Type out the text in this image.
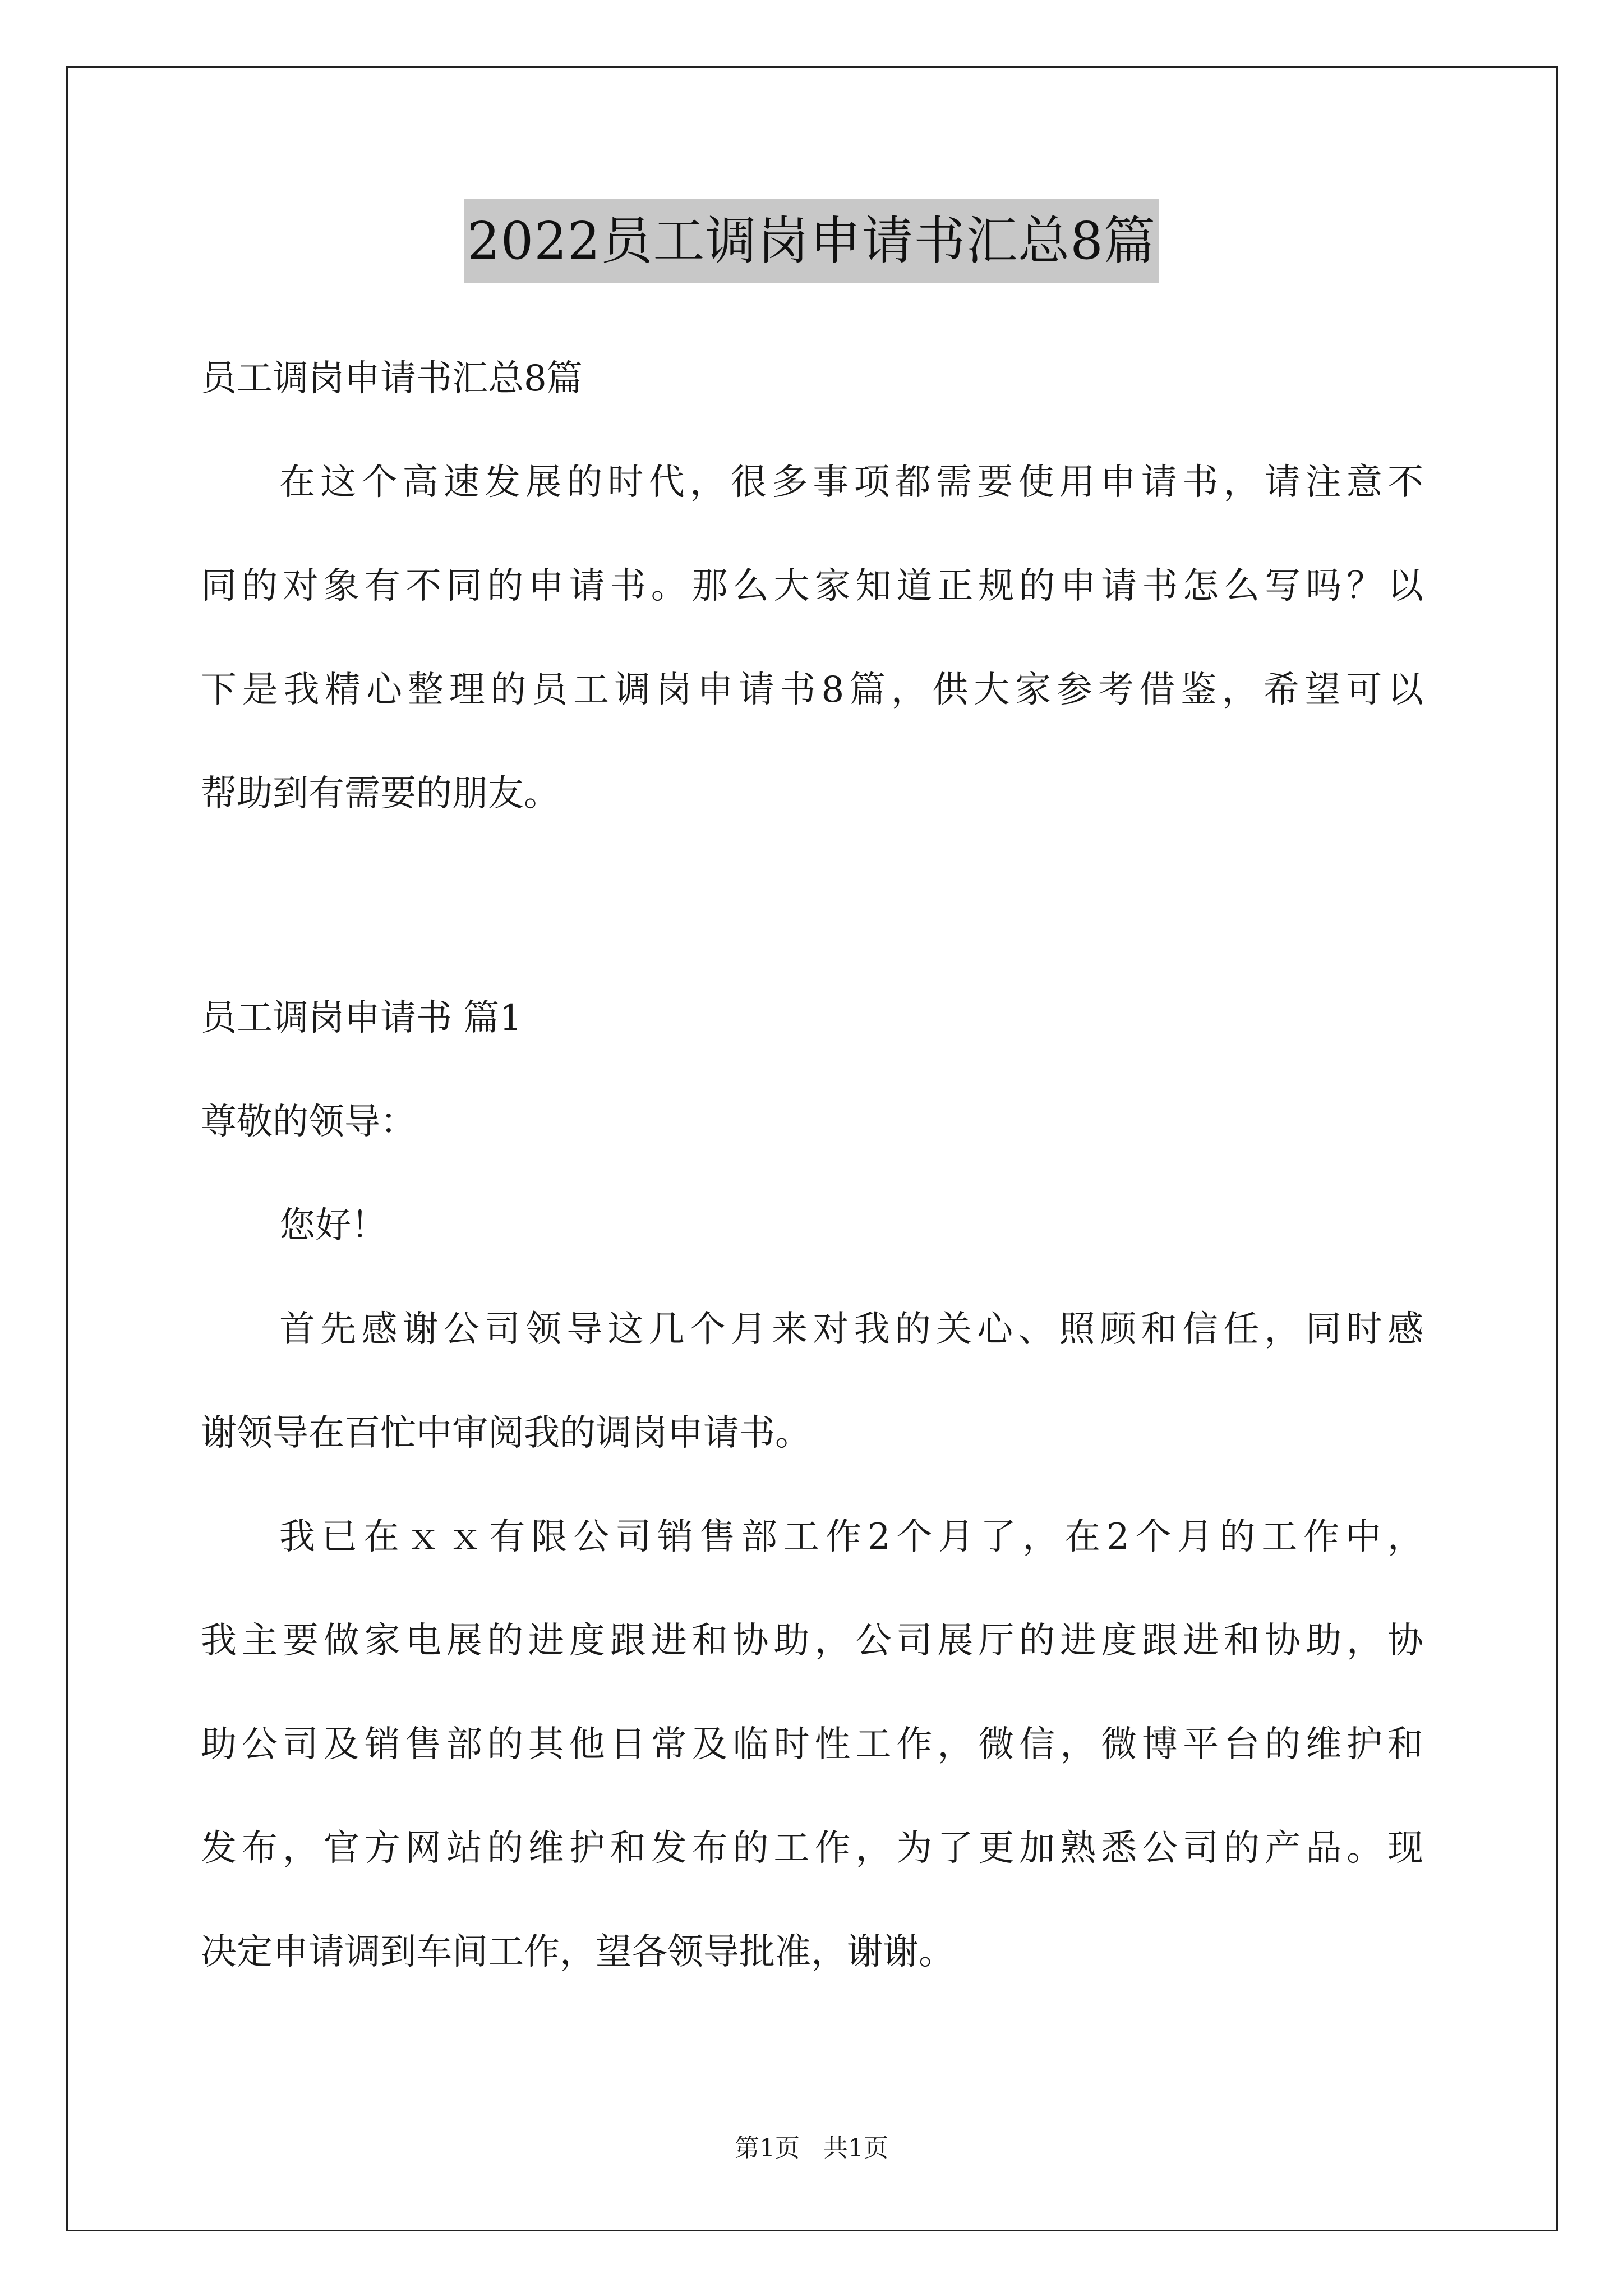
2022员工调岗申请书汇总8篇
员工调岗申请书汇总8篇
在这个高速发展的时代，很多事项都需要使用申请书，请注意不
同的对象有不同的申请书。那么大家知道正规的申请书怎么写吗？以
下是我精心整理的员工调岗申请书8篇，供大家参考借鉴，希望可以
帮助到有需要的朋友。
员工调岗申请书 篇1
尊敬的领导：
您好！
首先感谢公司领导这几个月来对我的关心、照顾和信任，同时感
谢领导在百忙中审阅我的调岗申请书。
我已在ｘｘ有限公司销售部工作2个月了，在2个月的工作中，
我主要做家电展的进度跟进和协助，公司展厅的进度跟进和协助，协
助公司及销售部的其他日常及临时性工作，微信，微博平台的维护和
发布，官方网站的维护和发布的工作，为了更加熟悉公司的产品。现
决定申请调到车间工作，望各领导批准，谢谢。
第1页   共1页
